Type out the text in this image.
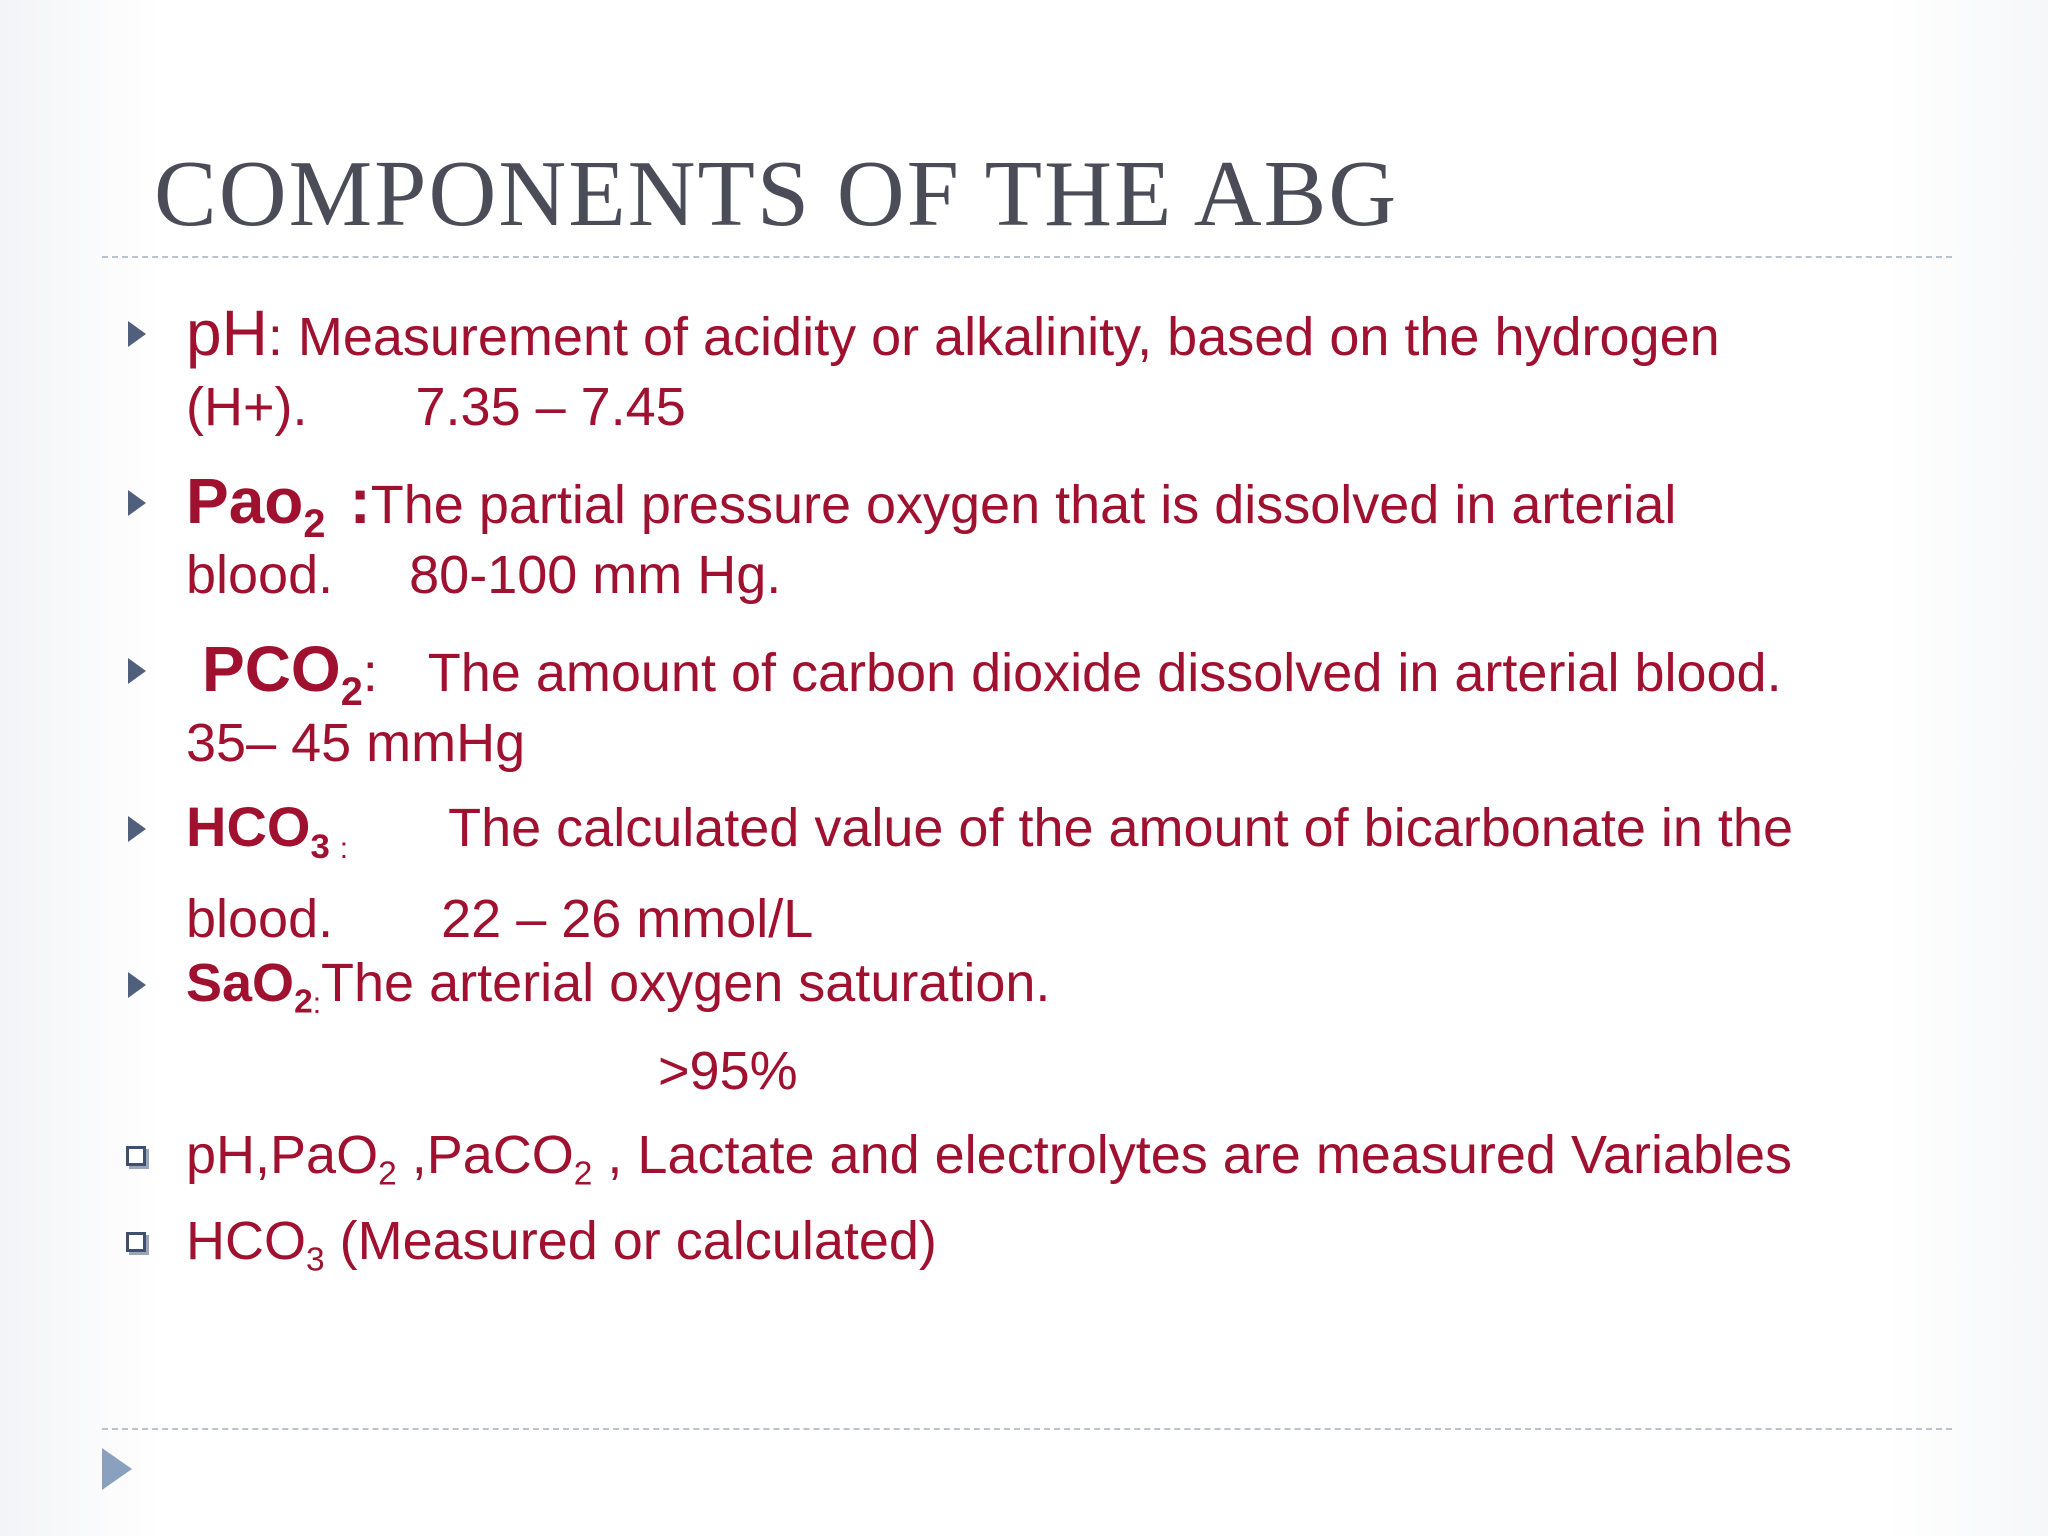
COMPONENTS OF THE ABG
pH: Measurement of acidity or alkalinity, based on the hydrogen
(H+). 7.35 – 7.45
Pao$_2$ :The partial pressure oxygen that is dissolved in arterial
blood. 80-100 mm Hg.
$PCO_2$: The amount of carbon dioxide dissolved in arterial blood.
35– 45 mmHg
$HCO_3$ $_:$ The calculated value of the amount of bicarbonate in the
blood. 22 – 26 mmol/L
SaO$_{2:}$The arterial oxygen saturation.
>95%
pH,PaO$_2$ ,PaCO$_2$ , Lactate and electrolytes are measured Variables
$HCO_3$ (Measured or calculated)
